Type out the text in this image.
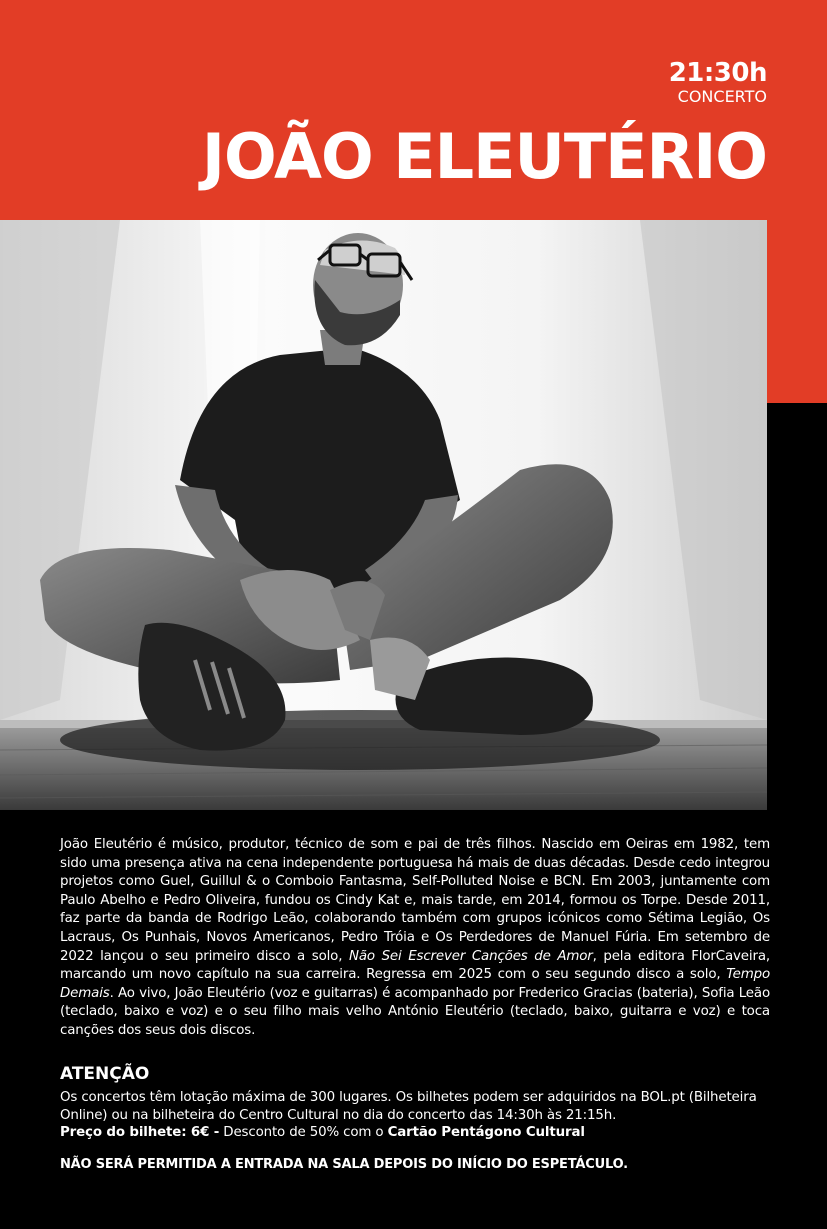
21:30h
CONCERTO
JOÃO ELEUTÉRIO
João Eleutério é músico, produtor, técnico de som e pai de três filhos. Nascido em Oeiras em 1982, tem sido uma presença ativa na cena independente portuguesa há mais de duas décadas. Desde cedo integrou projetos como Guel, Guillul & o Comboio Fantasma, Self-Polluted Noise e BCN. Em 2003, juntamente com Paulo Abelho e Pedro Oliveira, fundou os Cindy Kat e, mais tarde, em 2014, formou os Torpe. Desde 2011, faz parte da banda de Rodrigo Leão, colaborando também com grupos icónicos como Sétima Legião, Os Lacraus, Os Punhais, Novos Americanos, Pedro Tróia e Os Perdedores de Manuel Fúria. Em setembro de 2022 lançou o seu primeiro disco a solo, Não Sei Escrever Canções de Amor, pela editora FlorCaveira, marcando um novo capítulo na sua carreira. Regressa em 2025 com o seu segundo disco a solo, Tempo Demais. Ao vivo, João Eleutério (voz e guitarras) é acompanhado por Frederico Gracias (bateria), Sofia Leão (teclado, baixo e voz) e o seu filho mais velho António Eleutério (teclado, baixo, guitarra e voz) e toca canções dos seus dois discos.
ATENÇÃO
Os concertos têm lotação máxima de 300 lugares. Os bilhetes podem ser adquiridos na BOL.pt (Bilheteira Online) ou na bilheteira do Centro Cultural no dia do concerto das 14:30h às 21:15h.
Preço do bilhete: 6€ - Desconto de 50% com o Cartão Pentágono Cultural
NÃO SERÁ PERMITIDA A ENTRADA NA SALA DEPOIS DO INÍCIO DO ESPETÁCULO.
